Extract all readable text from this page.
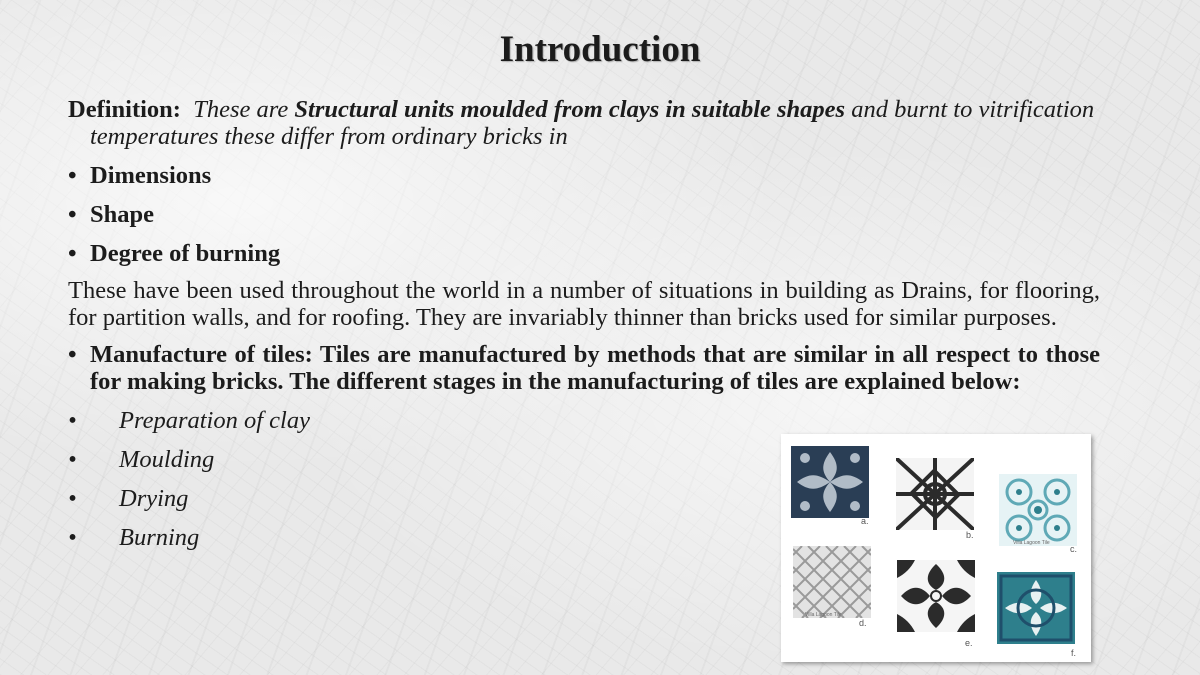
Introduction

Definition: These are Structural units moulded from clays in suitable shapes and burnt to vitrification temperatures these differ from ordinary bricks in

• Dimensions

• Shape

• Degree of burning

These have been used throughout the world in a number of situations in building as Drains, for flooring, for partition walls, and for roofing. They are invariably thinner than bricks used for similar purposes.

• Manufacture of tiles: Tiles are manufactured by methods that are similar in all respect to those for making bricks. The different stages in the manufacturing of tiles are explained below:

• Preparation of clay

• Moulding

• Drying

• Burning

a.
b.
Villa Lagoon Tile
c.
Villa Lagoon Tile
d.
e.
f.
